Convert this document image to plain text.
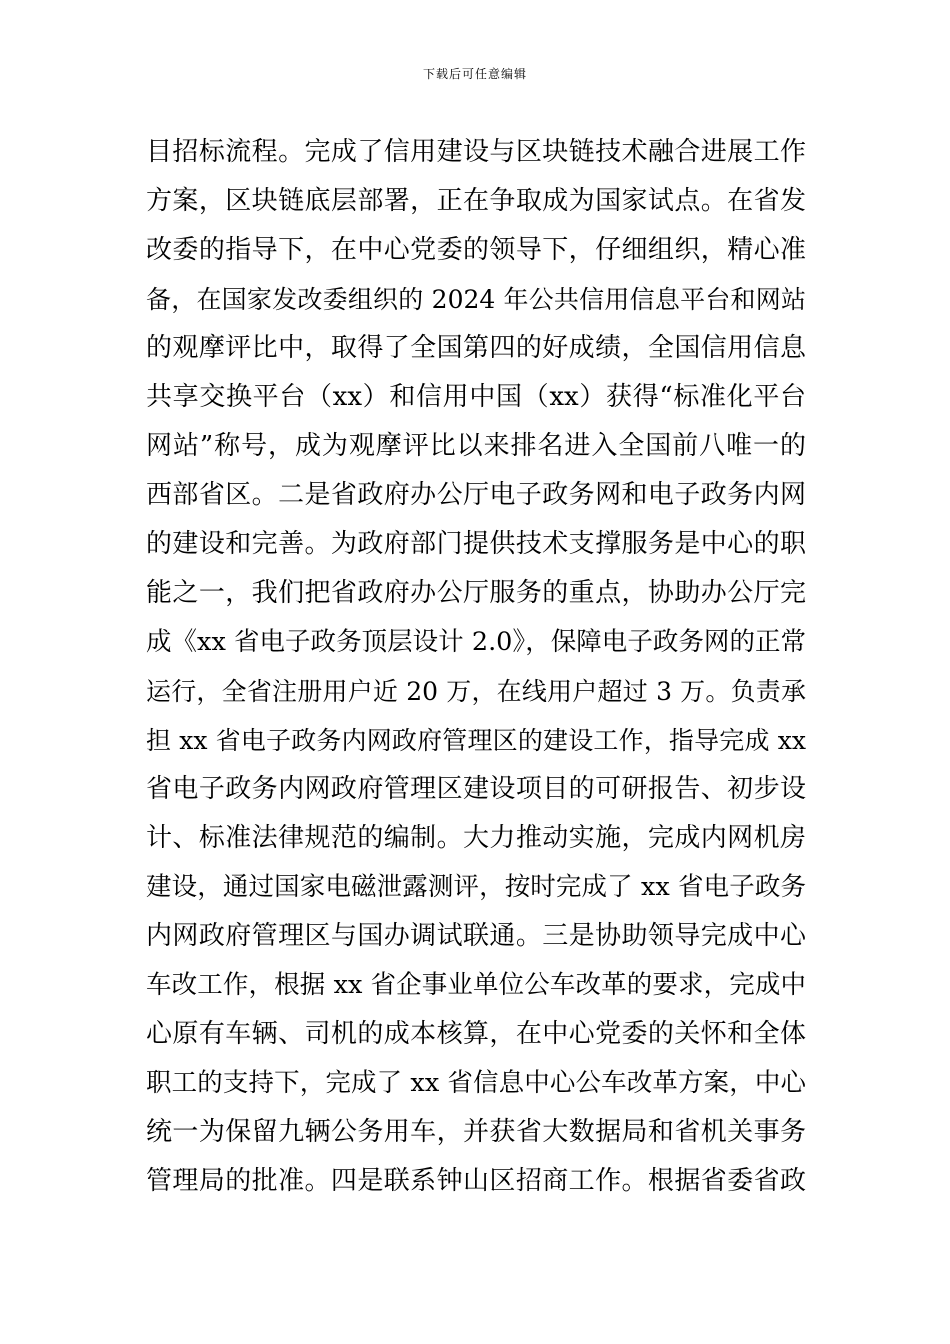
下载后可任意编辑
目招标流程。完成了信用建设与区块链技术融合进展工作
方案，区块链底层部署，正在争取成为国家试点。在省发
改委的指导下，在中心党委的领导下，仔细组织，精心准
备，在国家发改委组织的 2024 年公共信用信息平台和网站
的观摩评比中，取得了全国第四的好成绩，全国信用信息
共享交换平台（xx）和信用中国（xx）获得“标准化平台
网站”称号，成为观摩评比以来排名进入全国前八唯一的
西部省区。二是省政府办公厅电子政务网和电子政务内网
的建设和完善。为政府部门提供技术支撑服务是中心的职
能之一，我们把省政府办公厅服务的重点，协助办公厅完
成《xx 省电子政务顶层设计 2.0》，保障电子政务网的正常
运行，全省注册用户近 20 万，在线用户超过 3 万。负责承
担 xx 省电子政务内网政府管理区的建设工作，指导完成 xx
省电子政务内网政府管理区建设项目的可研报告、初步设
计、标准法律规范的编制。大力推动实施，完成内网机房
建设，通过国家电磁泄露测评，按时完成了 xx 省电子政务
内网政府管理区与国办调试联通。三是协助领导完成中心
车改工作，根据 xx 省企事业单位公车改革的要求，完成中
心原有车辆、司机的成本核算，在中心党委的关怀和全体
职工的支持下，完成了 xx 省信息中心公车改革方案，中心
统一为保留九辆公务用车，并获省大数据局和省机关事务
管理局的批准。四是联系钟山区招商工作。根据省委省政
